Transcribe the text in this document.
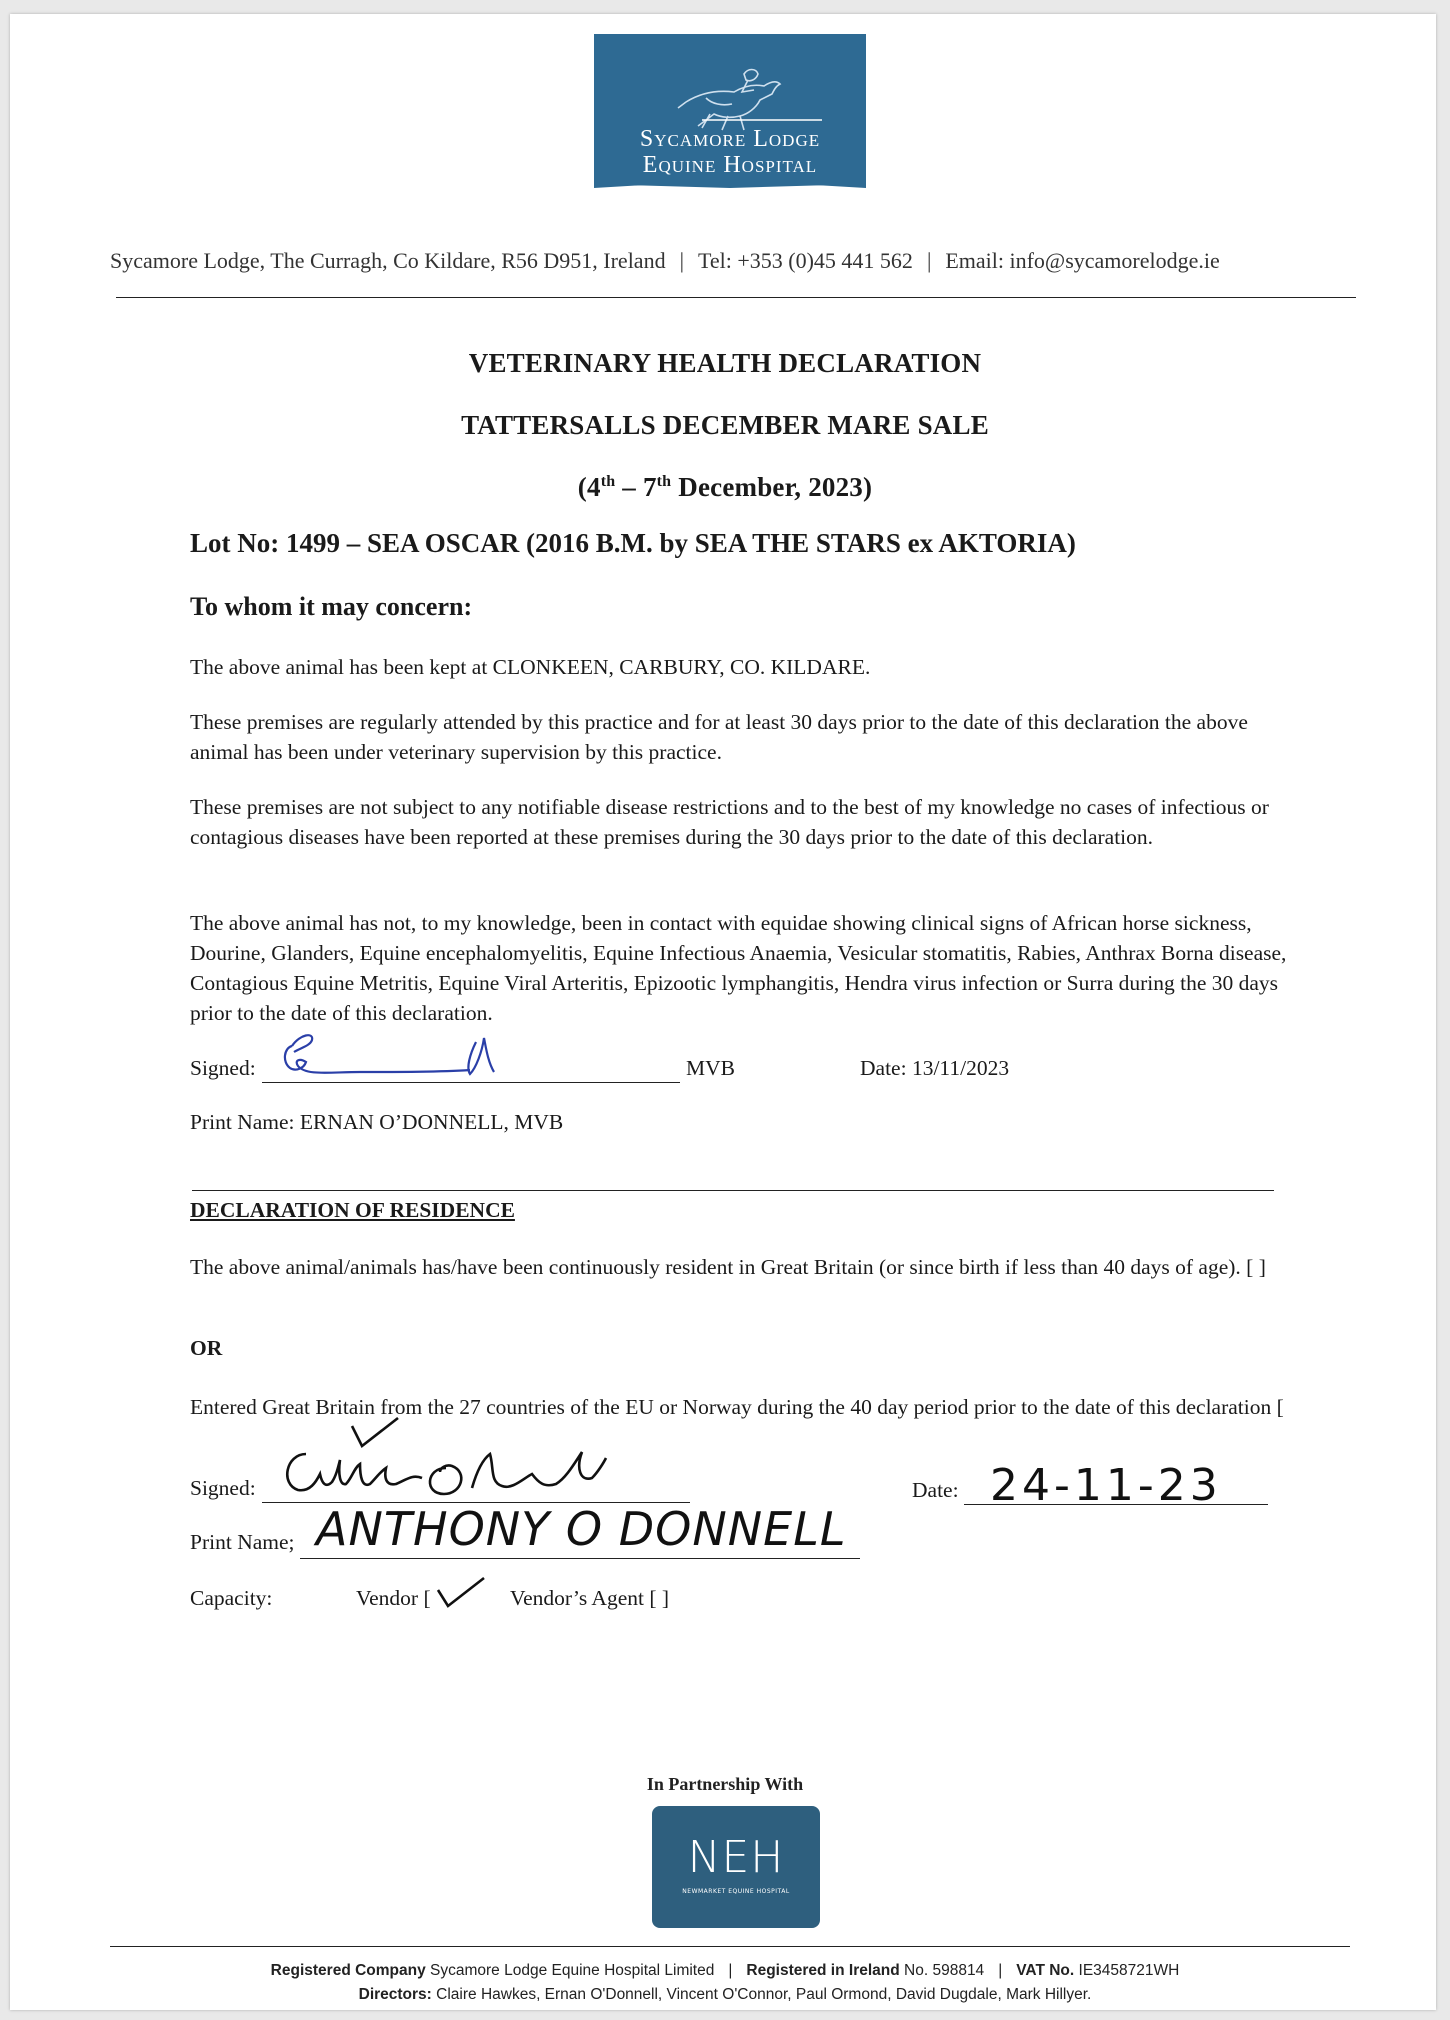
Sycamore Lodge
Equine Hospital
Sycamore Lodge, The Curragh, Co Kildare, R56 D951, Ireland | Tel: +353 (0)45 441 562 | Email: info@sycamorelodge.ie
VETERINARY HEALTH DECLARATION
TATTERSALLS DECEMBER MARE SALE
(4th – 7th December, 2023)
Lot No: 1499 – SEA OSCAR (2016 B.M. by SEA THE STARS ex AKTORIA)
To whom it may concern:
The above animal has been kept at CLONKEEN, CARBURY, CO. KILDARE.
These premises are regularly attended by this practice and for at least 30 days prior to the date of this declaration the above animal has been under veterinary supervision by this practice.
These premises are not subject to any notifiable disease restrictions and to the best of my knowledge no cases of infectious or contagious diseases have been reported at these premises during the 30 days prior to the date of this declaration.
The above animal has not, to my knowledge, been in contact with equidae showing clinical signs of African horse sickness, Dourine, Glanders, Equine encephalomyelitis, Equine Infectious Anaemia, Vesicular stomatitis, Rabies, Anthrax Borna disease, Contagious Equine Metritis, Equine Viral Arteritis, Epizootic lymphangitis, Hendra virus infection or Surra during the 30 days prior to the date of this declaration.
Signed:	MVB	Date: 13/11/2023
Print Name: ERNAN O’DONNELL, MVB
DECLARATION OF RESIDENCE
The above animal/animals has/have been continuously resident in Great Britain (or since birth if less than 40 days of age). [ ]
OR
Entered Great Britain from the 27 countries of the EU or Norway during the 40 day period prior to the date of this declaration [
Signed:	Date: 24-11-23
Print Name; ANTHONY O DONNELL
Capacity:	Vendor [	Vendor’s Agent [ ]
In Partnership With
NEH
NEWMARKET EQUINE HOSPITAL
Registered Company Sycamore Lodge Equine Hospital Limited | Registered in Ireland No. 598814 | VAT No. IE3458721WH
Directors: Claire Hawkes, Ernan O'Donnell, Vincent O'Connor, Paul Ormond, David Dugdale, Mark Hillyer.
